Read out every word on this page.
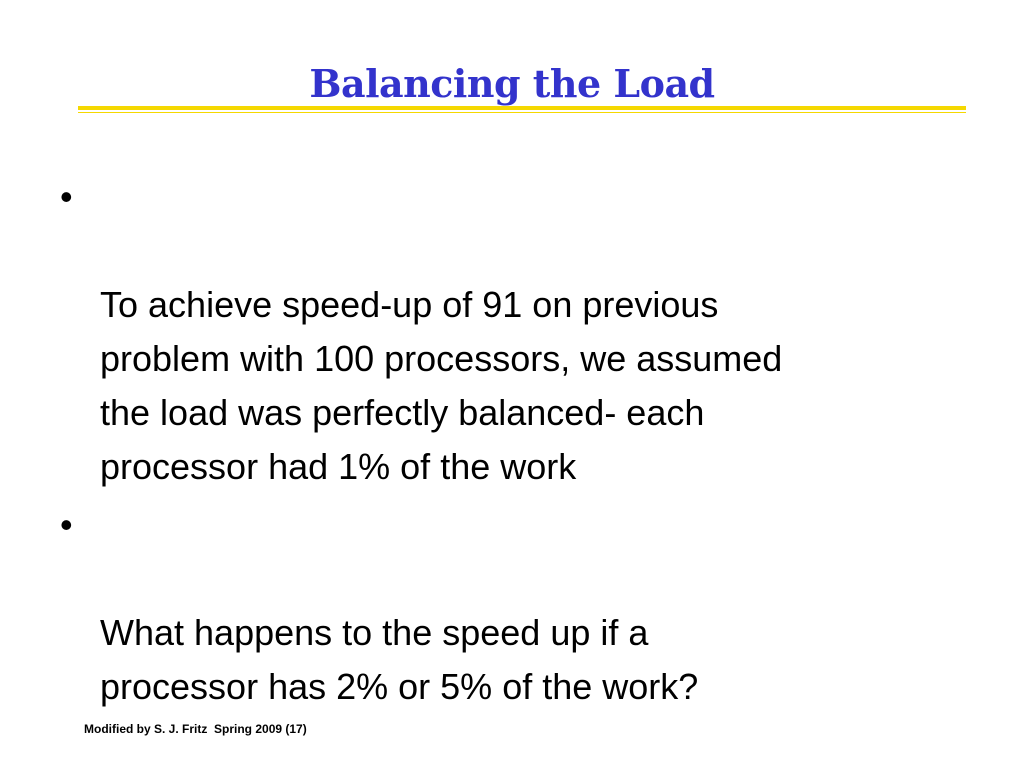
Balancing the Load

•

To achieve speed-up of 91 on previous
problem with 100 processors, we assumed
the load was perfectly balanced- each
processor had 1% of the work

•

What happens to the speed up if a
processor has 2% or 5% of the work?

Modified by S. J. Fritz  Spring 2009 (17)
